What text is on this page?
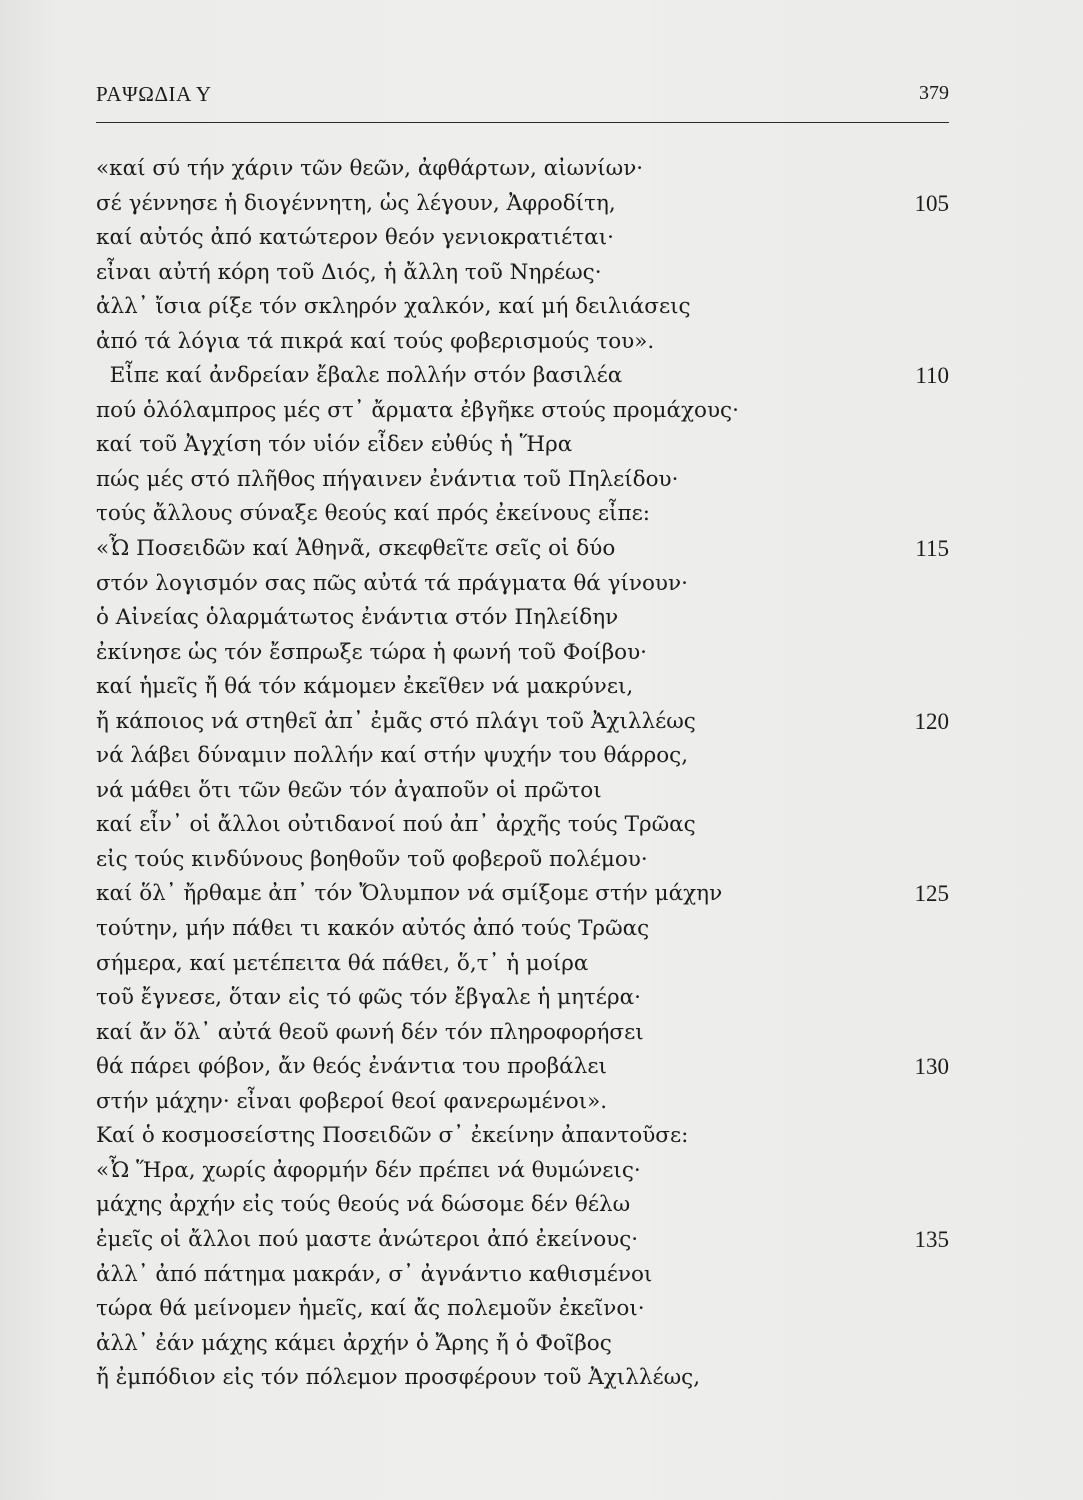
ΡΑΨΩΔΙΑ Υ	379
«καί σύ τήν χάριν τῶν θεῶν, ἀφθάρτων, αἰωνίων·
σέ γέννησε ἡ διογέννητη, ὡς λέγουν, Ἀφροδίτη,	105
καί αὐτός ἀπό κατώτερον θεόν γενιοκρατιέται·
εἶναι αὐτή κόρη τοῦ Διός, ἡ ἄλλη τοῦ Νηρέως·
ἀλλ᾽ ἴσια ρίξε τόν σκληρόν χαλκόν, καί μή δειλιάσεις
ἀπό τά λόγια τά πικρά καί τούς φοβερισμούς του».
Εἶπε καί ἀνδρείαν ἔβαλε πολλήν στόν βασιλέα	110
πού ὁλόλαμπρος μές στ᾽ ἄρματα ἐβγῆκε στούς προμάχους·
καί τοῦ Ἀγχίση τόν υἱόν εἶδεν εὐθύς ἡ Ἥρα
πώς μές στό πλῆθος πήγαινεν ἐνάντια τοῦ Πηλείδου·
τούς ἄλλους σύναξε θεούς καί πρός ἐκείνους εἶπε:
«Ὦ Ποσειδῶν καί Ἀθηνᾶ, σκεφθεῖτε σεῖς οἱ δύο	115
στόν λογισμόν σας πῶς αὐτά τά πράγματα θά γίνουν·
ὁ Αἰνείας ὁλαρμάτωτος ἐνάντια στόν Πηλείδην
ἐκίνησε ὡς τόν ἔσπρωξε τώρα ἡ φωνή τοῦ Φοίβου·
καί ἡμεῖς ἤ θά τόν κάμομεν ἐκεῖθεν νά μακρύνει,
ἤ κάποιος νά στηθεῖ ἀπ᾽ ἐμᾶς στό πλάγι τοῦ Ἀχιλλέως	120
νά λάβει δύναμιν πολλήν καί στήν ψυχήν του θάρρος,
νά μάθει ὅτι τῶν θεῶν τόν ἀγαποῦν οἱ πρῶτοι
καί εἶν᾽ οἱ ἄλλοι οὐτιδανοί πού ἀπ᾽ ἀρχῆς τούς Τρῶας
εἰς τούς κινδύνους βοηθοῦν τοῦ φοβεροῦ πολέμου·
καί ὅλ᾽ ἤρθαμε ἀπ᾽ τόν Ὄλυμπον νά σμίξομε στήν μάχην	125
τούτην, μήν πάθει τι κακόν αὐτός ἀπό τούς Τρῶας
σήμερα, καί μετέπειτα θά πάθει, ὅ,τ᾽ ἡ μοίρα
τοῦ ἔγνεσε, ὅταν εἰς τό φῶς τόν ἔβγαλε ἡ μητέρα·
καί ἄν ὅλ᾽ αὐτά θεοῦ φωνή δέν τόν πληροφορήσει
θά πάρει φόβον, ἄν θεός ἐνάντια του προβάλει	130
στήν μάχην· εἶναι φοβεροί θεοί φανερωμένοι».
Καί ὁ κοσμοσείστης Ποσειδῶν σ᾽ ἐκείνην ἀπαντοῦσε:
«Ὦ Ἥρα, χωρίς ἀφορμήν δέν πρέπει νά θυμώνεις·
μάχης ἀρχήν εἰς τούς θεούς νά δώσομε δέν θέλω
ἐμεῖς οἱ ἄλλοι πού μαστε ἀνώτεροι ἀπό ἐκείνους·	135
ἀλλ᾽ ἀπό πάτημα μακράν, σ᾽ ἀγνάντιο καθισμένοι
τώρα θά μείνομεν ἡμεῖς, καί ἄς πολεμοῦν ἐκεῖνοι·
ἀλλ᾽ ἐάν μάχης κάμει ἀρχήν ὁ Ἄρης ἤ ὁ Φοῖβος
ἤ ἐμπόδιον εἰς τόν πόλεμον προσφέρουν τοῦ Ἀχιλλέως,
